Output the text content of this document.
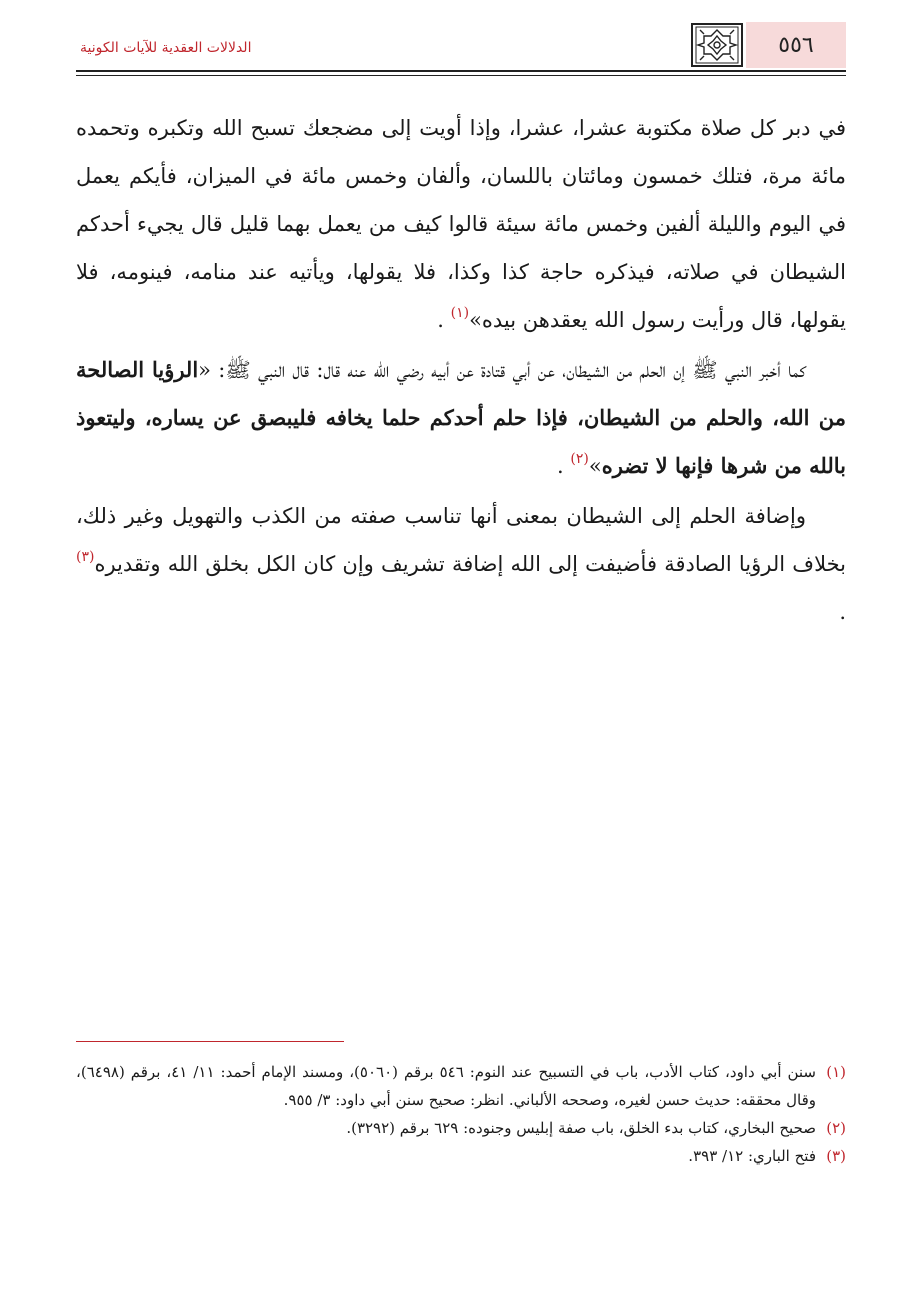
٥٥٦
الدلالات العقدية للآيات الكونية

في دبر كل صلاة مكتوبة عشرا، عشرا، وإذا أويت إلى مضجعك تسبح الله وتكبره وتحمده مائة مرة، فتلك خمسون ومائتان باللسان، وألفان وخمس مائة في الميزان، فأيكم يعمل في اليوم والليلة ألفين وخمس مائة سيئة قالوا كيف من يعمل بهما قليل قال يجيء أحدكم الشيطان في صلاته، فيذكره حاجة كذا وكذا، فلا يقولها، ويأتيه عند منامه، فينومه، فلا يقولها، قال ورأيت رسول الله يعقدهن بيده»$^{(١)}$ .

كما أخبر النبي ﷺ إن الحلم من الشيطان، عن أبي قتادة عن أبيه رضي الله عنه قال: قال النبي ﷺ: «الرؤيا الصالحة من الله، والحلم من الشيطان، فإذا حلم أحدكم حلما يخافه فليبصق عن يساره، وليتعوذ بالله من شرها فإنها لا تضره»$^{(٢)}$ .

وإضافة الحلم إلى الشيطان بمعنى أنها تناسب صفته من الكذب والتهويل وغير ذلك، بخلاف الرؤيا الصادقة فأضيفت إلى الله إضافة تشريف وإن كان الكل بخلق الله وتقديره$^{(٣)}$ .

(١)
سنن أبي داود، كتاب الأدب، باب في التسبيح عند النوم: ٥٤٦ برقم (٥٠٦٠)، ومسند الإمام أحمد: ١١/ ٤١، برقم (٦٤٩٨)، وقال محققه: حديث حسن لغيره، وصححه الألباني. انظر: صحيح سنن أبي داود: ٣/ ٩٥٥.
(٢)
صحيح البخاري، كتاب بدء الخلق، باب صفة إبليس وجنوده: ٦٢٩ برقم (٣٢٩٢).
(٣)
فتح الباري: ١٢/ ٣٩٣.
